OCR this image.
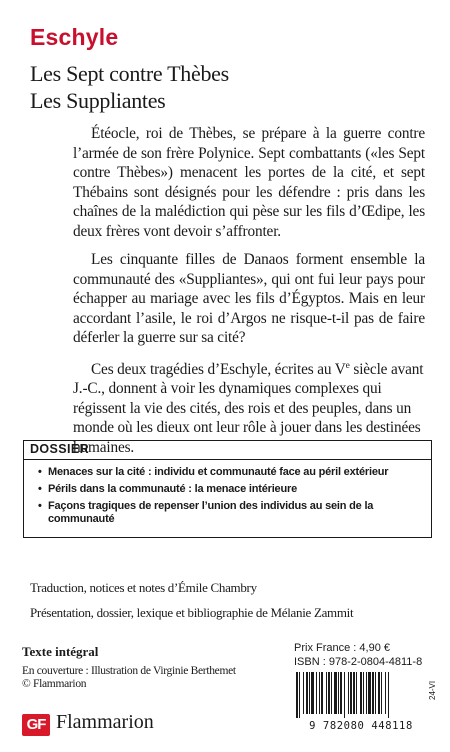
Eschyle
Les Sept contre Thèbes
Les Suppliantes

Étéocle, roi de Thèbes, se prépare à la guerre contre l’armée de son frère Polynice. Sept combattants («les Sept contre Thèbes») menacent les portes de la cité, et sept Thébains sont désignés pour les défendre : pris dans les chaînes de la malédiction qui pèse sur les fils d’Œdipe, les deux frères vont devoir s’affronter.

Les cinquante filles de Danaos forment ensemble la communauté des «Suppliantes», qui ont fui leur pays pour échapper au mariage avec les fils d’Égyptos. Mais en leur accordant l’asile, le roi d’Argos ne risque-t-il pas de faire déferler la guerre sur sa cité?

Ces deux tragédies d’Eschyle, écrites au Ve siècle avant J.-C., donnent à voir les dynamiques complexes qui régissent la vie des cités, des rois et des peuples, dans un monde où les dieux ont leur rôle à jouer dans les destinées humaines.

DOSSIER
• Menaces sur la cité : individu et communauté face au péril extérieur
• Périls dans la communauté : la menace intérieure
• Façons tragiques de repenser l’union des individus au sein de la communauté
Traduction, notices et notes d’Émile Chambry
Présentation, dossier, lexique et bibliographie de Mélanie Zammit
Texte intégral
En couverture : Illustration de Virginie Berthemet
© Flammarion
Prix France : 4,90 €
ISBN : 978-2-0804-4811-8
9 782080 448118
24-VI
GF Flammarion
